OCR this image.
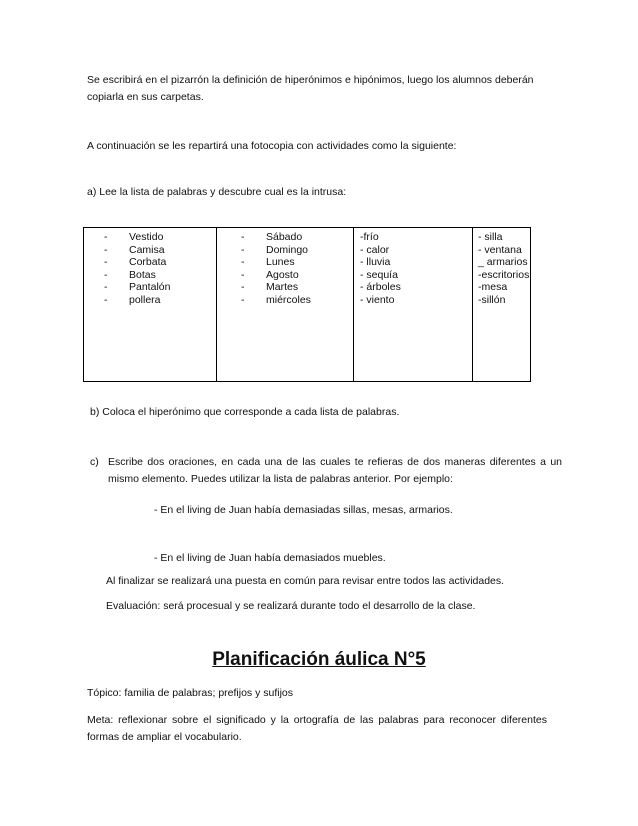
Se escribirá en el pizarrón la definición de hiperónimos e hipónimos, luego los alumnos deberán copiarla en sus carpetas.
A continuación se les repartirá una fotocopia con actividades como la siguiente:
a) Lee la lista de palabras y descubre cual es la intrusa:
- Vestido
- Camisa
- Corbata
- Botas
- Pantalón
- pollera

- Sábado
- Domingo
- Lunes
- Agosto
- Martes
- miércoles

-frío
- calor
- lluvia
- sequía
- árboles
- viento

- silla
- ventana
_ armarios
-escritorios
-mesa
-sillón
b) Coloca el hiperónimo que corresponde a cada lista de palabras.
c) Escribe dos oraciones, en cada una de las cuales te refieras de dos maneras diferentes a un mismo elemento. Puedes utilizar la lista de palabras anterior. Por ejemplo:
- En el living de Juan había demasiadas sillas, mesas, armarios.
- En el living de Juan había demasiados muebles.
Al finalizar se realizará una puesta en común para revisar entre todos las actividades.
Evaluación: será procesual y se realizará durante todo el desarrollo de la clase.
Planificación áulica N°5
Tópico: familia de palabras; prefijos y sufijos
Meta: reflexionar sobre el significado y la ortografía de las palabras para reconocer diferentes formas de ampliar el vocabulario.
